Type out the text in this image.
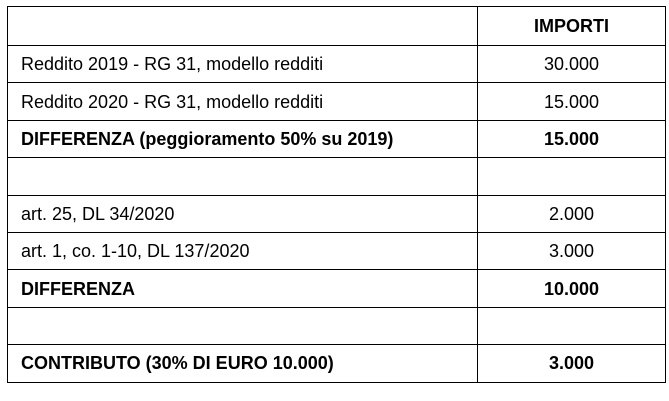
	IMPORTI
Reddito 2019 - RG 31, modello redditi	30.000
Reddito 2020 - RG 31, modello redditi	15.000
DIFFERENZA (peggioramento 50% su 2019)	15.000

art. 25, DL 34/2020	2.000
art. 1, co. 1-10, DL 137/2020	3.000
DIFFERENZA	10.000

CONTRIBUTO (30% DI EURO 10.000)	3.000
